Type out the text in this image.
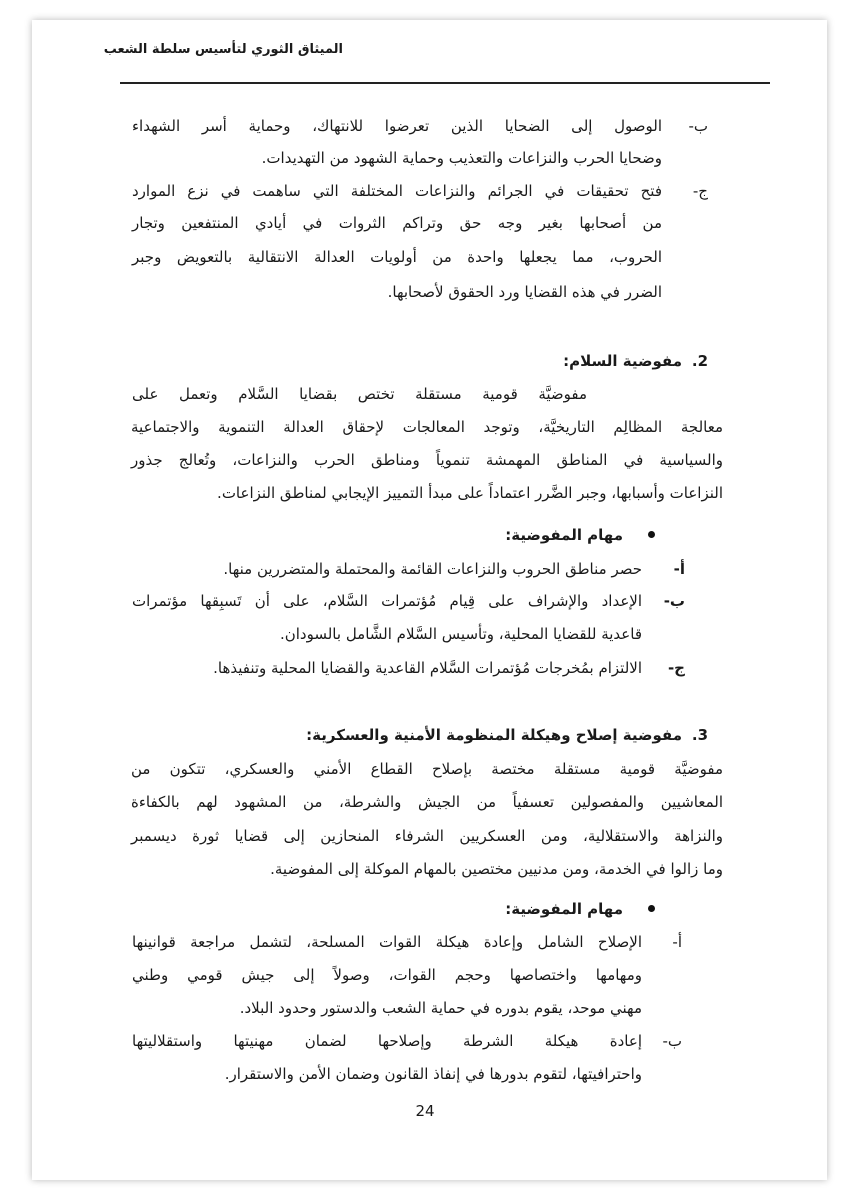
الميثاق الثوري لتأسيس سلطة الشعب
ب-
الوصول إلى الضحايا الذين تعرضوا للانتهاك، وحماية أسر الشهداء
وضحايا الحرب والنزاعات والتعذيب وحماية الشهود من التهديدات.
ج-
فتح تحقيقات في الجرائم والنزاعات المختلفة التي ساهمت في نزع الموارد
من أصحابها بغير وجه حق وتراكم الثروات في أيادي المنتفعين وتجار
الحروب، مما يجعلها واحدة من أولويات العدالة الانتقالية بالتعويض وجبر
الضرر في هذه القضايا ورد الحقوق لأصحابها.
2.
مفوضية السلام:
مفوضيَّة قومية مستقلة تختص بقضايا السَّلام وتعمل على
معالجة المظالِم التاريخيَّة، وتوجد المعالجات لإحقاق العدالة التنموية والاجتماعية
والسياسية في المناطق المهمشة تنموياً ومناطق الحرب والنزاعات، وتُعالج جذور
النزاعات وأسبابها، وجبر الضَّرر اعتماداً على مبدأ التمييز الإيجابي لمناطق النزاعات.
مهام المفوضية:
أ-
حصر مناطق الحروب والنزاعات القائمة والمحتملة والمتضررين منها.
ب-
الإعداد والإشراف على قِيام مُؤتمرات السَّلام، على أن تَسبِقها مؤتمرات
قاعدية للقضايا المحلية، وتأسيس السَّلام الشَّامل بالسودان.
ج-
الالتزام بمُخرجات مُؤتمرات السَّلام القاعدية والقضايا المحلية وتنفيذها.
3.
مفوضية إصلاح وهيكلة المنظومة الأمنية والعسكرية:
مفوضيَّة قومية مستقلة مختصة بإصلاح القطاع الأمني والعسكري، تتكون من
المعاشيين والمفصولين تعسفياً من الجيش والشرطة، من المشهود لهم بالكفاءة
والنزاهة والاستقلالية، ومن العسكريين الشرفاء المنحازين إلى قضايا ثورة ديسمبر
وما زالوا في الخدمة، ومن مدنيين مختصين بالمهام الموكلة إلى المفوضية.
مهام المفوضية:
أ-
الإصلاح الشامل وإعادة هيكلة القوات المسلحة، لتشمل مراجعة قوانينها
ومهامها واختصاصها وحجم القوات، وصولاً إلى جيش قومي وطني
مهني موحد، يقوم بدوره في حماية الشعب والدستور وحدود البلاد.
ب-
إعادة هيكلة الشرطة وإصلاحها لضمان مهنيتها واستقلاليتها
واحترافيتها، لتقوم بدورها في إنفاذ القانون وضمان الأمن والاستقرار.
24
